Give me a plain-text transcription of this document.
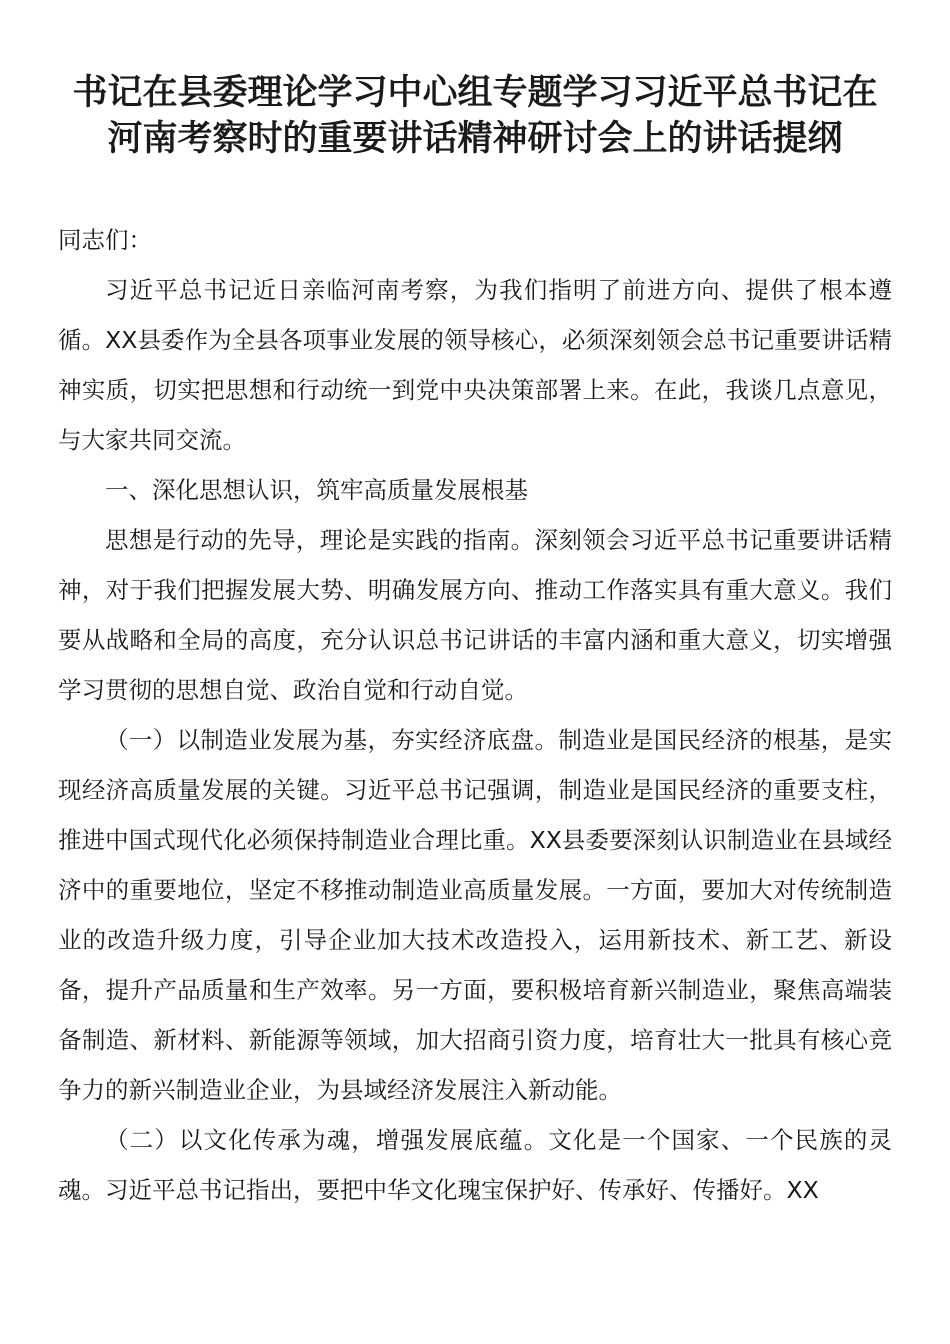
书记在县委理论学习中心组专题学习习近平总书记在
河南考察时的重要讲话精神研讨会上的讲话提纲

同志们：

习近平总书记近日亲临河南考察，为我们指明了前进方向、提供了根本遵循。XX县委作为全县各项事业发展的领导核心，必须深刻领会总书记重要讲话精神实质，切实把思想和行动统一到党中央决策部署上来。在此，我谈几点意见，与大家共同交流。

一、深化思想认识，筑牢高质量发展根基

思想是行动的先导，理论是实践的指南。深刻领会习近平总书记重要讲话精神，对于我们把握发展大势、明确发展方向、推动工作落实具有重大意义。我们要从战略和全局的高度，充分认识总书记讲话的丰富内涵和重大意义，切实增强学习贯彻的思想自觉、政治自觉和行动自觉。

（一）以制造业发展为基，夯实经济底盘。制造业是国民经济的根基，是实现经济高质量发展的关键。习近平总书记强调，制造业是国民经济的重要支柱，推进中国式现代化必须保持制造业合理比重。XX县委要深刻认识制造业在县域经济中的重要地位，坚定不移推动制造业高质量发展。一方面，要加大对传统制造业的改造升级力度，引导企业加大技术改造投入，运用新技术、新工艺、新设备，提升产品质量和生产效率。另一方面，要积极培育新兴制造业，聚焦高端装备制造、新材料、新能源等领域，加大招商引资力度，培育壮大一批具有核心竞争力的新兴制造业企业，为县域经济发展注入新动能。

（二）以文化传承为魂，增强发展底蕴。文化是一个国家、一个民族的灵魂。习近平总书记指出，要把中华文化瑰宝保护好、传承好、传播好。XX
